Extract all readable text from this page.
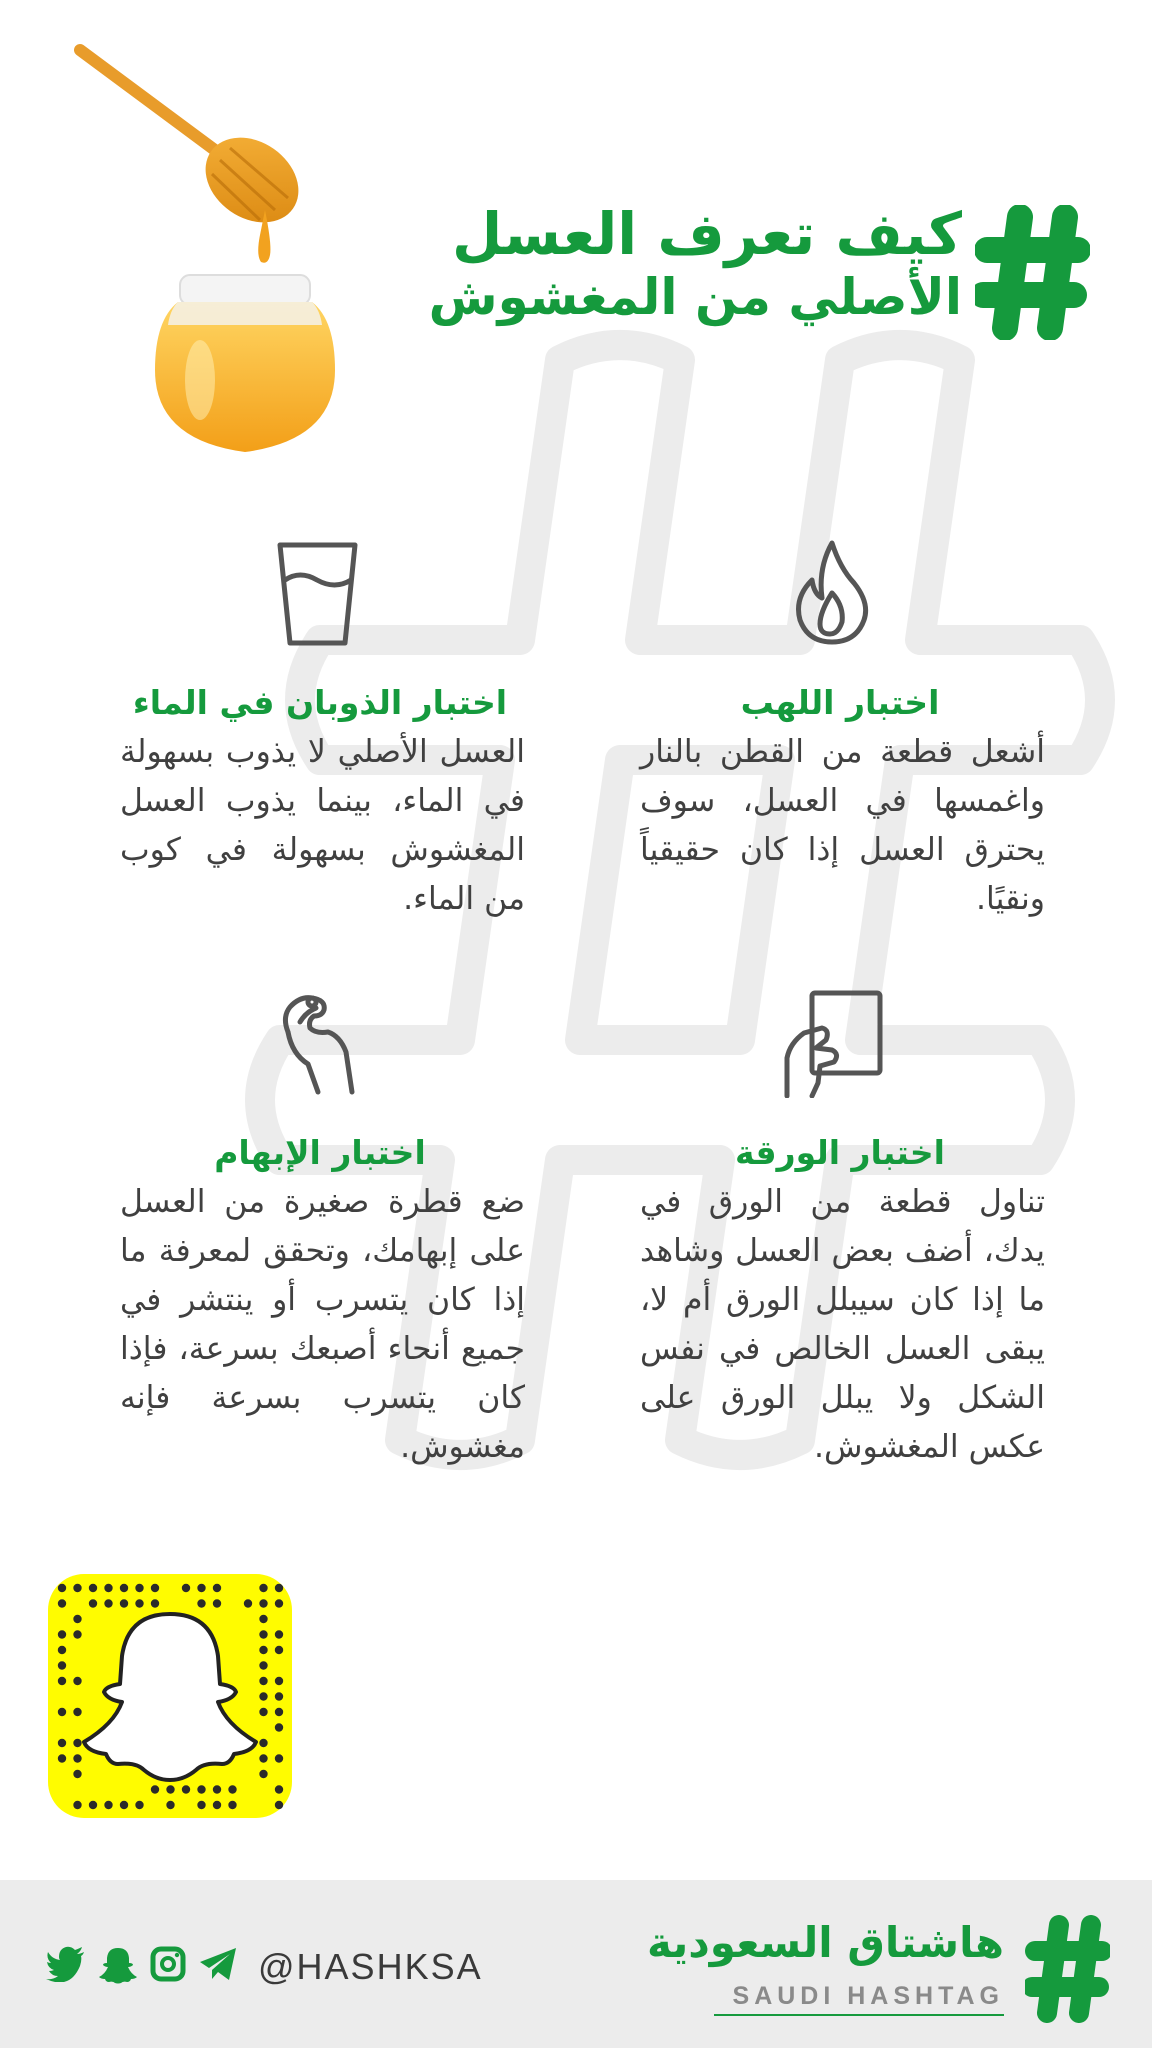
كيف تعرف العسل
الأصلي من المغشوش
اختبار اللهب
أشعل قطعة من القطن بالنار واغمسها في العسل، سوف يحترق العسل إذا كان حقيقياً ونقيًا.
اختبار الذوبان في الماء
العسل الأصلي لا يذوب بسهولة في الماء، بينما يذوب العسل المغشوش بسهولة في كوب من الماء.
اختبار الورقة
تناول قطعة من الورق في يدك، أضف بعض العسل وشاهد ما إذا كان سيبلل الورق أم لا، يبقى العسل الخالص في نفس الشكل ولا يبلل الورق على عكس المغشوش.
اختبار الإبهام
ضع قطرة صغيرة من العسل على إبهامك، وتحقق لمعرفة ما إذا كان يتسرب أو ينتشر في جميع أنحاء أصبعك بسرعة، فإذا كان يتسرب بسرعة فإنه مغشوش.
@HASHKSA	هاشتاق السعودية
SAUDI HASHTAG
